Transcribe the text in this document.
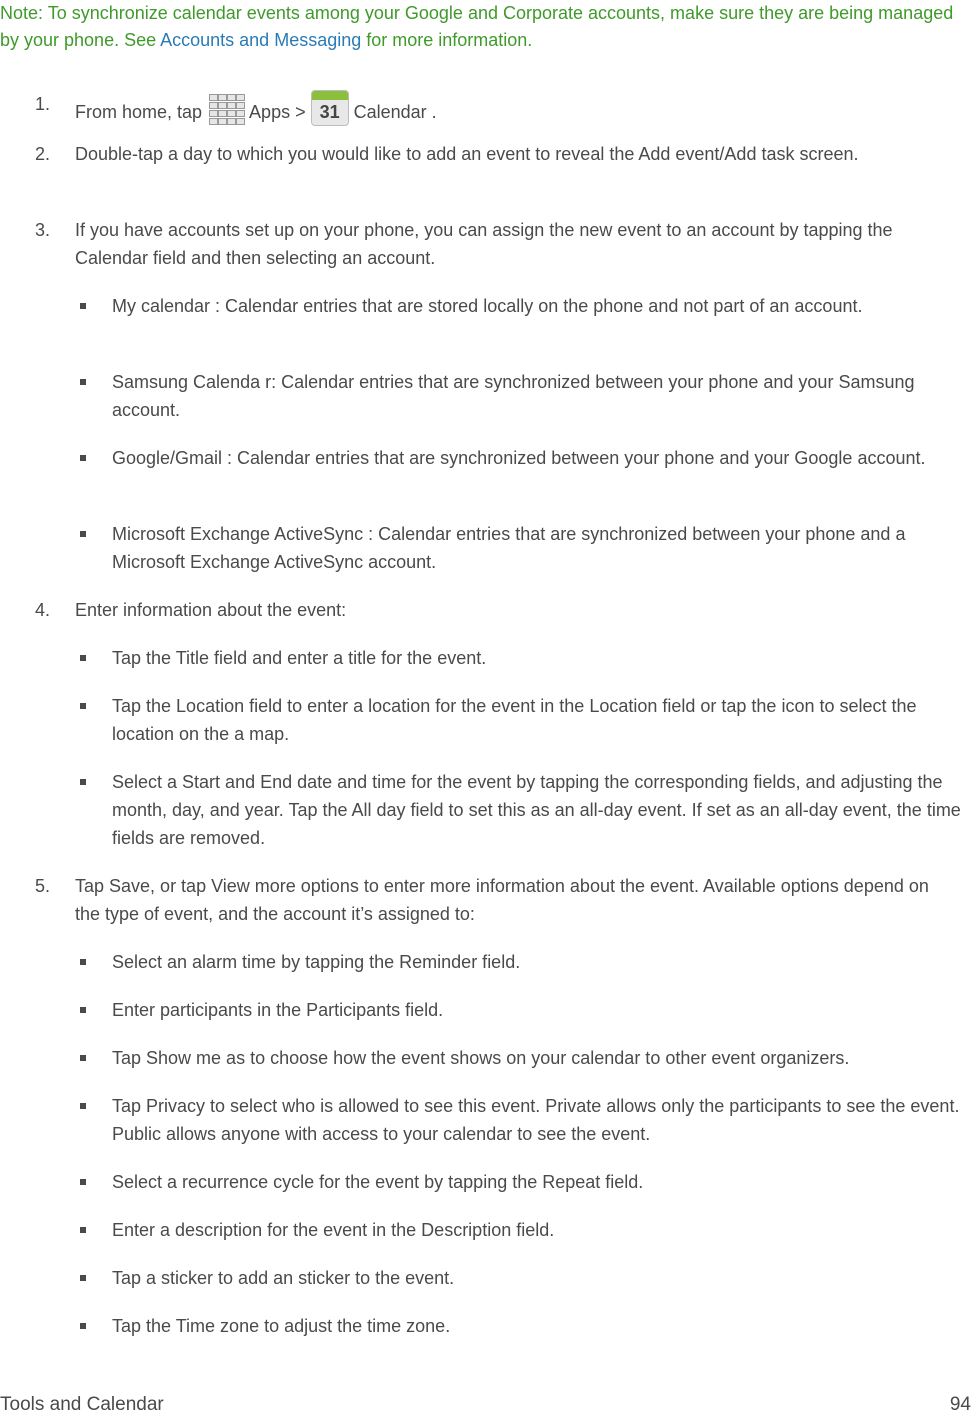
Note: To synchronize calendar events among your Google and Corporate accounts, make sure they are being managed by your phone. See Accounts and Messaging for more information.
1.	From home, tap
Apps > 31 Calendar .
2.	Double-tap a day to which you would like to add an event to reveal the Add event/Add task screen.
3.	If you have accounts set up on your phone, you can assign the new event to an account by tapping the Calendar field and then selecting an account.
My calendar : Calendar entries that are stored locally on the phone and not part of an account.
Samsung Calenda r: Calendar entries that are synchronized between your phone and your Samsung account.
Google/Gmail : Calendar entries that are synchronized between your phone and your Google account.
Microsoft Exchange ActiveSync : Calendar entries that are synchronized between your phone and a Microsoft Exchange ActiveSync account.
4.	Enter information about the event:
Tap the Title field and enter a title for the event.
Tap the Location field to enter a location for the event in the Location field or tap the icon to select the location on the a map.
Select a Start and End date and time for the event by tapping the corresponding fields, and adjusting the month, day, and year. Tap the All day field to set this as an all-day event. If set as an all-day event, the time fields are removed.
5.	Tap Save, or tap View more options to enter more information about the event. Available options depend on the type of event, and the account it’s assigned to:
Select an alarm time by tapping the Reminder field.
Enter participants in the Participants field.
Tap Show me as to choose how the event shows on your calendar to other event organizers.
Tap Privacy to select who is allowed to see this event. Private allows only the participants to see the event. Public allows anyone with access to your calendar to see the event.
Select a recurrence cycle for the event by tapping the Repeat field.
Enter a description for the event in the Description field.
Tap a sticker to add an sticker to the event.
Tap the Time zone to adjust the time zone.
Tools and Calendar	94
